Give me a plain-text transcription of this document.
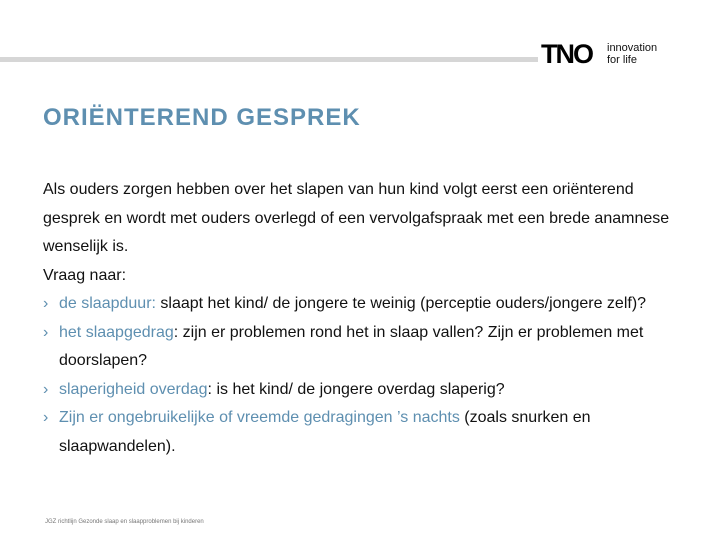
TNO innovation
for life
ORIËNTEREND GESPREK

Als ouders zorgen hebben over het slapen van hun kind volgt eerst een oriënterend gesprek en wordt met ouders overlegd of een vervolgafspraak met een brede anamnese wenselijk is.

Vraag naar:

› de slaapduur: slaapt het kind/ de jongere te weinig (perceptie ouders/jongere zelf)?
› het slaapgedrag: zijn er problemen rond het in slaap vallen? Zijn er problemen met doorslapen?
› slaperigheid overdag: is het kind/ de jongere overdag slaperig?
› Zijn er ongebruikelijke of vreemde gedragingen ’s nachts (zoals snurken en slaapwandelen).
JGZ richtlijn Gezonde slaap en slaapproblemen bij kinderen
